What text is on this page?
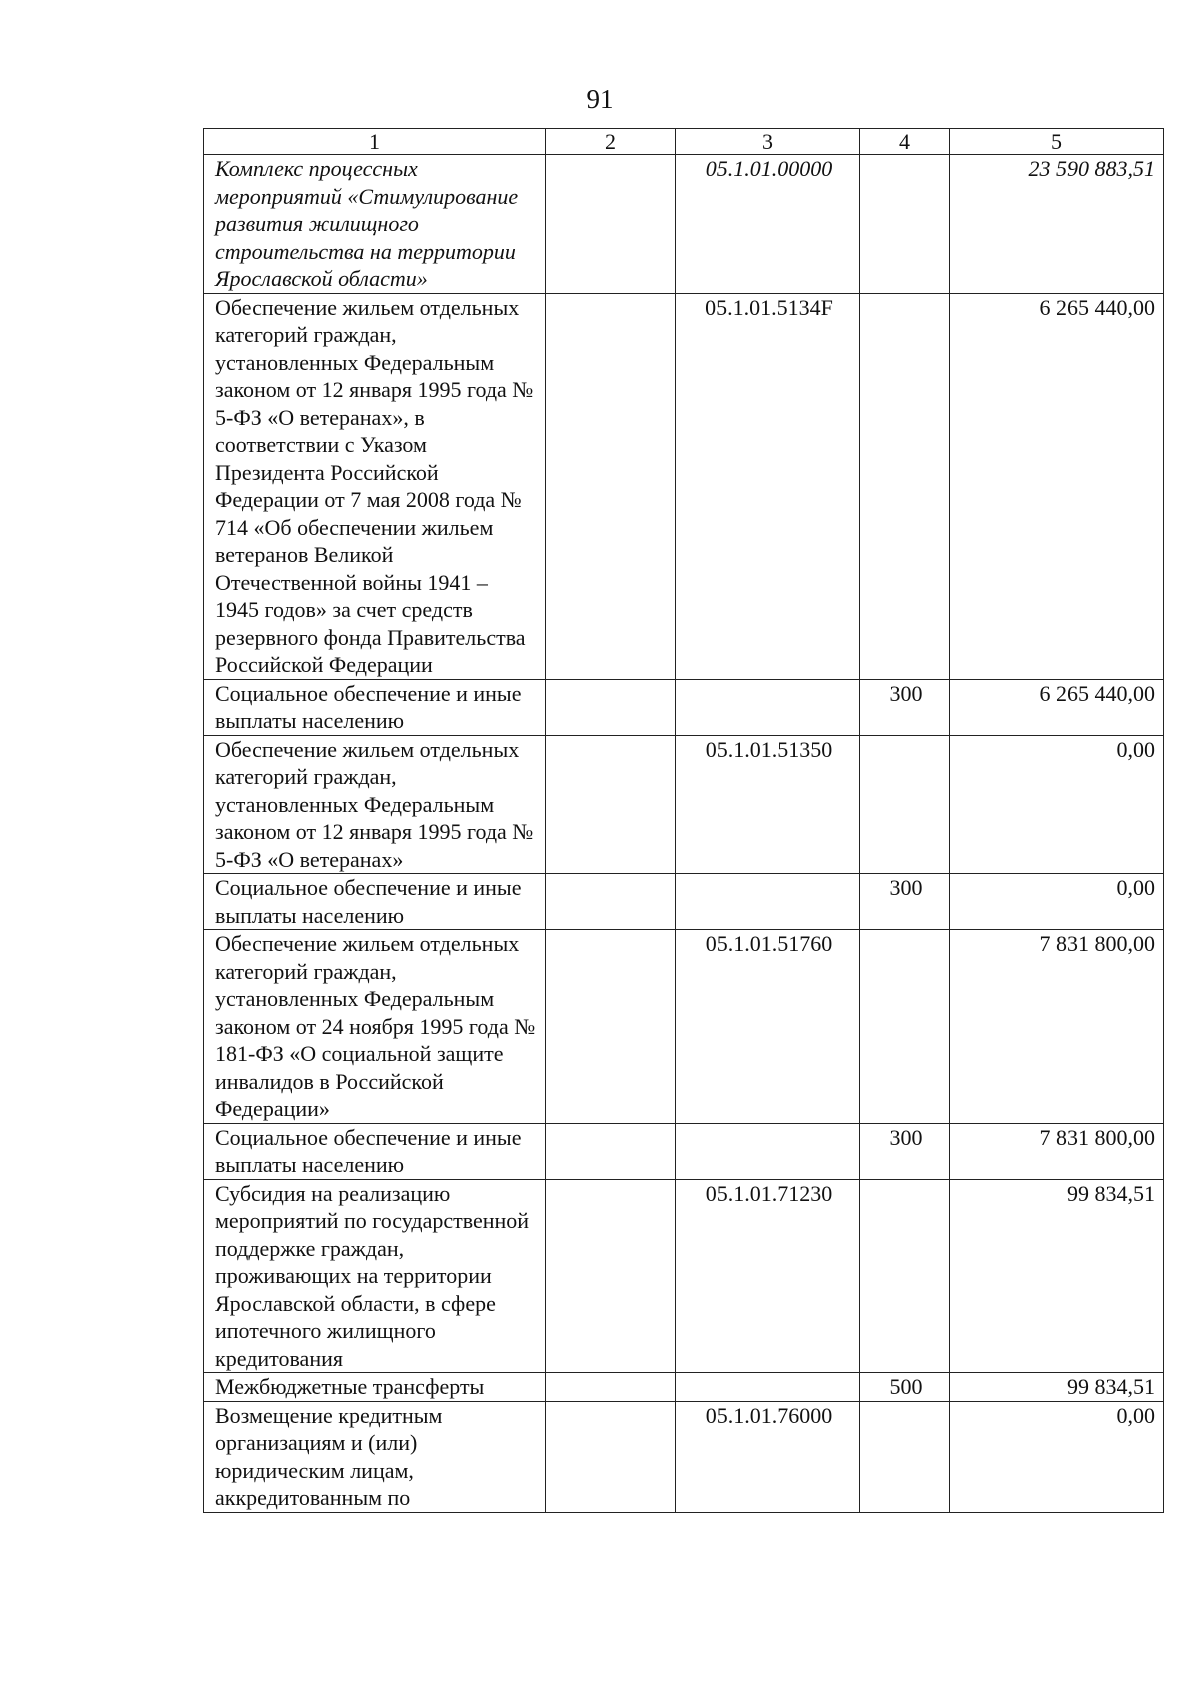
91
1	2	3	4	5
Комплекс процессных мероприятий «Стимулирование развития жилищного строительства на территории Ярославской области»		05.1.01.00000		23 590 883,51
Обеспечение жильем отдельных категорий граждан, установленных Федеральным законом от 12 января 1995 года № 5-ФЗ «О ветеранах», в соответствии с Указом Президента Российской Федерации от 7 мая 2008 года № 714 «Об обеспечении жильем ветеранов Великой Отечественной войны 1941 – 1945 годов» за счет средств резервного фонда Правительства Российской Федерации		05.1.01.5134F		6 265 440,00
Социальное обеспечение и иные выплаты населению			300	6 265 440,00
Обеспечение жильем отдельных категорий граждан, установленных Федеральным законом от 12 января 1995 года № 5-ФЗ «О ветеранах»		05.1.01.51350		0,00
Социальное обеспечение и иные выплаты населению			300	0,00
Обеспечение жильем отдельных категорий граждан, установленных Федеральным законом от 24 ноября 1995 года № 181-ФЗ «О социальной защите инвалидов в Российской Федерации»		05.1.01.51760		7 831 800,00
Социальное обеспечение и иные выплаты населению			300	7 831 800,00
Субсидия на реализацию мероприятий по государственной поддержке граждан, проживающих на территории Ярославской области, в сфере ипотечного жилищного кредитования		05.1.01.71230		99 834,51
Межбюджетные трансферты			500	99 834,51
Возмещение кредитным организациям и (или) юридическим лицам, аккредитованным по		05.1.01.76000		0,00
